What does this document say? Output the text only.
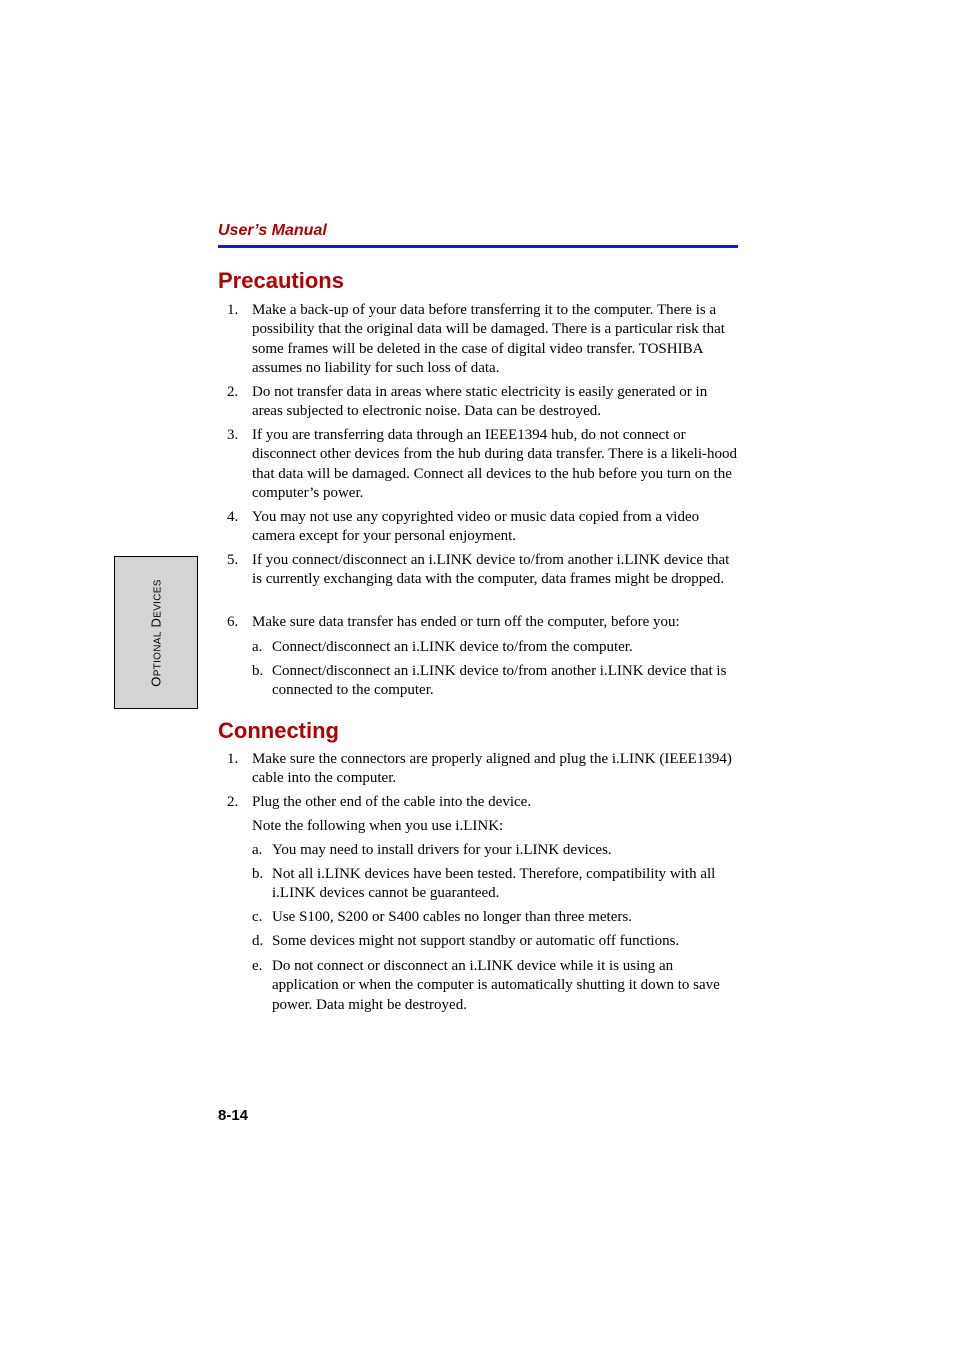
User’s Manual
OPTIONAL DEVICES
Precautions
1. Make a back-up of your data before transferring it to the computer. There is a possibility that the original data will be damaged. There is a particular risk that some frames will be deleted in the case of digital video transfer. TOSHIBA assumes no liability for such loss of data.
2. Do not transfer data in areas where static electricity is easily generated or in areas subjected to electronic noise. Data can be destroyed.
3. If you are transferring data through an IEEE1394 hub, do not connect or disconnect other devices from the hub during data transfer. There is a likeli-hood that data will be damaged. Connect all devices to the hub before you turn on the computer’s power.
4. You may not use any copyrighted video or music data copied from a video camera except for your personal enjoyment.
5. If you connect/disconnect an i.LINK device to/from another i.LINK device that is currently exchanging data with the computer, data frames might be dropped.
6. Make sure data transfer has ended or turn off the computer, before you:
a. Connect/disconnect an i.LINK device to/from the computer.
b. Connect/disconnect an i.LINK device to/from another i.LINK device that is connected to the computer.
Connecting
1. Make sure the connectors are properly aligned and plug the i.LINK (IEEE1394) cable into the computer.
2. Plug the other end of the cable into the device.
Note the following when you use i.LINK:
a. You may need to install drivers for your i.LINK devices.
b. Not all i.LINK devices have been tested. Therefore, compatibility with all i.LINK devices cannot be guaranteed.
c. Use S100, S200 or S400 cables no longer than three meters.
d. Some devices might not support standby or automatic off functions.
e. Do not connect or disconnect an i.LINK device while it is using an application or when the computer is automatically shutting it down to save power. Data might be destroyed.
8-14
